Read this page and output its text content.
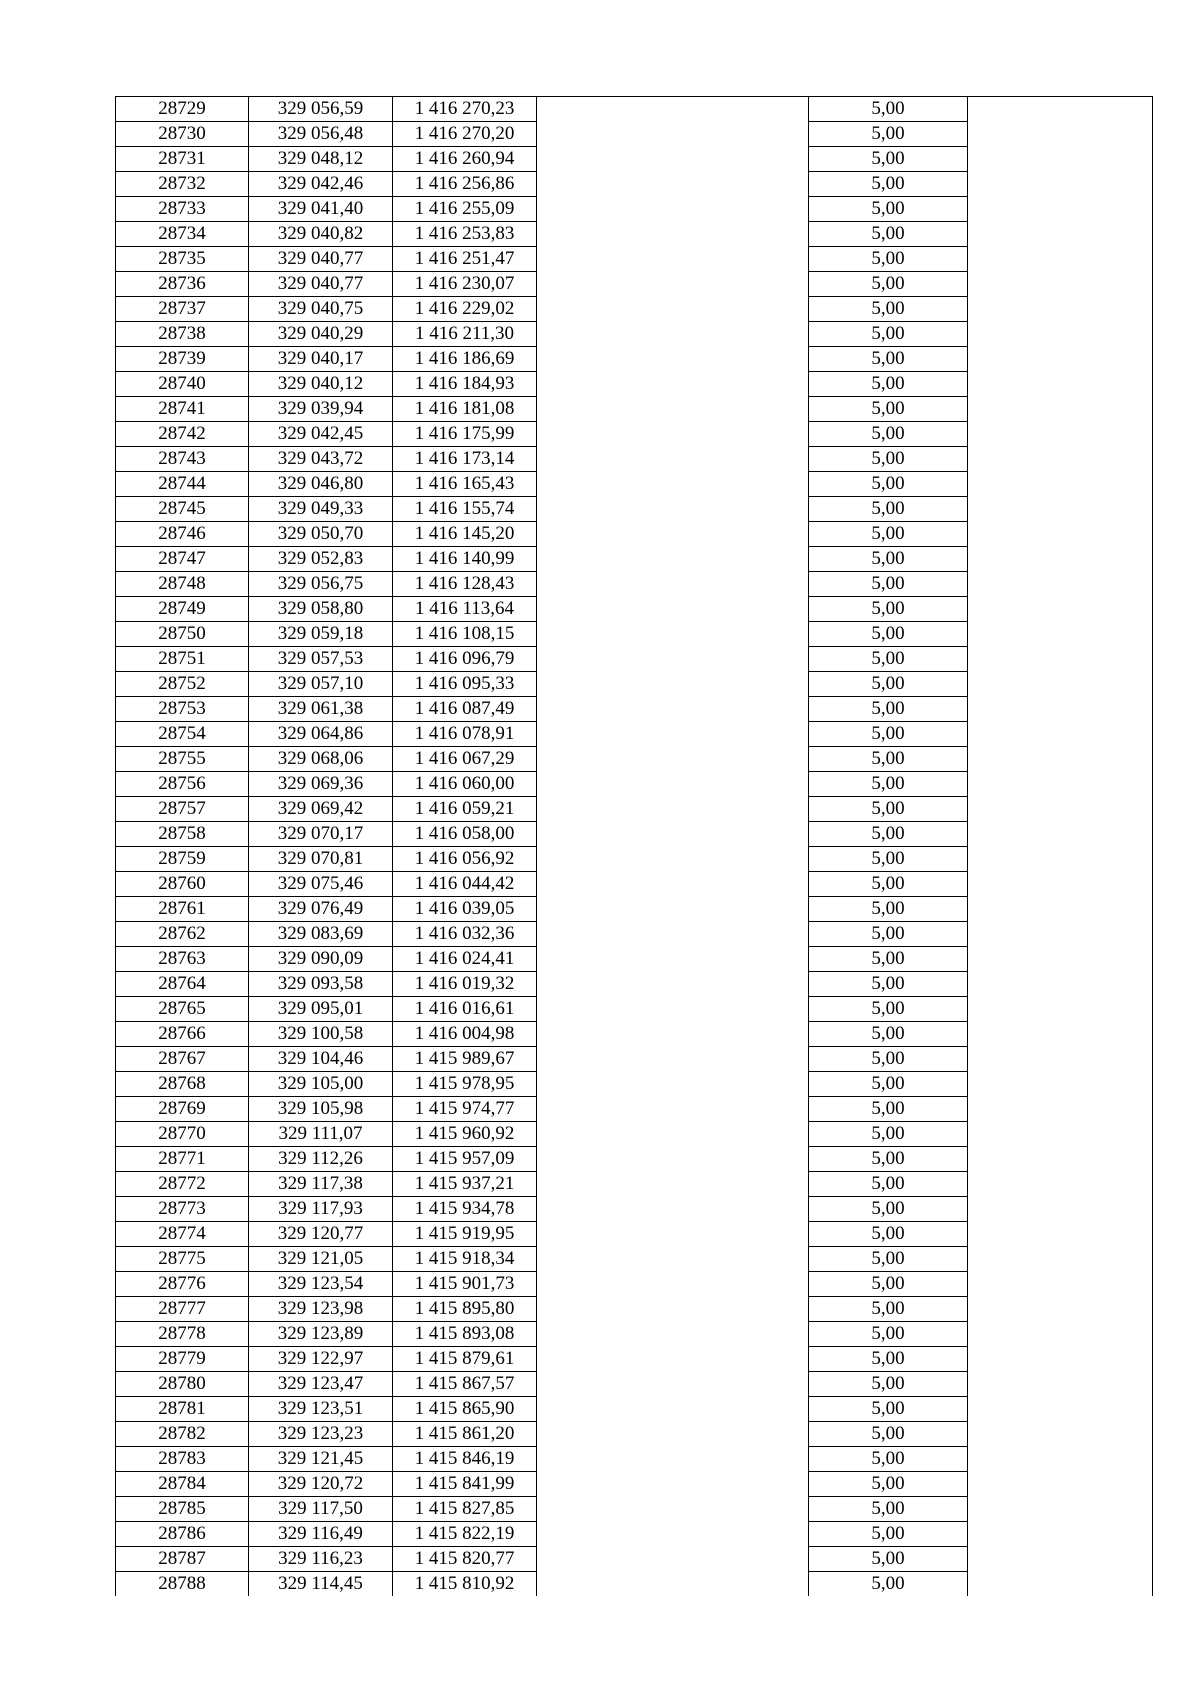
28729	329 056,59	1 416 270,23		5,00	
28730	329 056,48	1 416 270,20		5,00	
28731	329 048,12	1 416 260,94		5,00	
28732	329 042,46	1 416 256,86		5,00	
28733	329 041,40	1 416 255,09		5,00	
28734	329 040,82	1 416 253,83		5,00	
28735	329 040,77	1 416 251,47		5,00	
28736	329 040,77	1 416 230,07		5,00	
28737	329 040,75	1 416 229,02		5,00	
28738	329 040,29	1 416 211,30		5,00	
28739	329 040,17	1 416 186,69		5,00	
28740	329 040,12	1 416 184,93		5,00	
28741	329 039,94	1 416 181,08		5,00	
28742	329 042,45	1 416 175,99		5,00	
28743	329 043,72	1 416 173,14		5,00	
28744	329 046,80	1 416 165,43		5,00	
28745	329 049,33	1 416 155,74		5,00	
28746	329 050,70	1 416 145,20		5,00	
28747	329 052,83	1 416 140,99		5,00	
28748	329 056,75	1 416 128,43		5,00	
28749	329 058,80	1 416 113,64		5,00	
28750	329 059,18	1 416 108,15		5,00	
28751	329 057,53	1 416 096,79		5,00	
28752	329 057,10	1 416 095,33		5,00	
28753	329 061,38	1 416 087,49		5,00	
28754	329 064,86	1 416 078,91		5,00	
28755	329 068,06	1 416 067,29		5,00	
28756	329 069,36	1 416 060,00		5,00	
28757	329 069,42	1 416 059,21		5,00	
28758	329 070,17	1 416 058,00		5,00	
28759	329 070,81	1 416 056,92		5,00	
28760	329 075,46	1 416 044,42		5,00	
28761	329 076,49	1 416 039,05		5,00	
28762	329 083,69	1 416 032,36		5,00	
28763	329 090,09	1 416 024,41		5,00	
28764	329 093,58	1 416 019,32		5,00	
28765	329 095,01	1 416 016,61		5,00	
28766	329 100,58	1 416 004,98		5,00	
28767	329 104,46	1 415 989,67		5,00	
28768	329 105,00	1 415 978,95		5,00	
28769	329 105,98	1 415 974,77		5,00	
28770	329 111,07	1 415 960,92		5,00	
28771	329 112,26	1 415 957,09		5,00	
28772	329 117,38	1 415 937,21		5,00	
28773	329 117,93	1 415 934,78		5,00	
28774	329 120,77	1 415 919,95		5,00	
28775	329 121,05	1 415 918,34		5,00	
28776	329 123,54	1 415 901,73		5,00	
28777	329 123,98	1 415 895,80		5,00	
28778	329 123,89	1 415 893,08		5,00	
28779	329 122,97	1 415 879,61		5,00	
28780	329 123,47	1 415 867,57		5,00	
28781	329 123,51	1 415 865,90		5,00	
28782	329 123,23	1 415 861,20		5,00	
28783	329 121,45	1 415 846,19		5,00	
28784	329 120,72	1 415 841,99		5,00	
28785	329 117,50	1 415 827,85		5,00	
28786	329 116,49	1 415 822,19		5,00	
28787	329 116,23	1 415 820,77		5,00	
28788	329 114,45	1 415 810,92		5,00	
